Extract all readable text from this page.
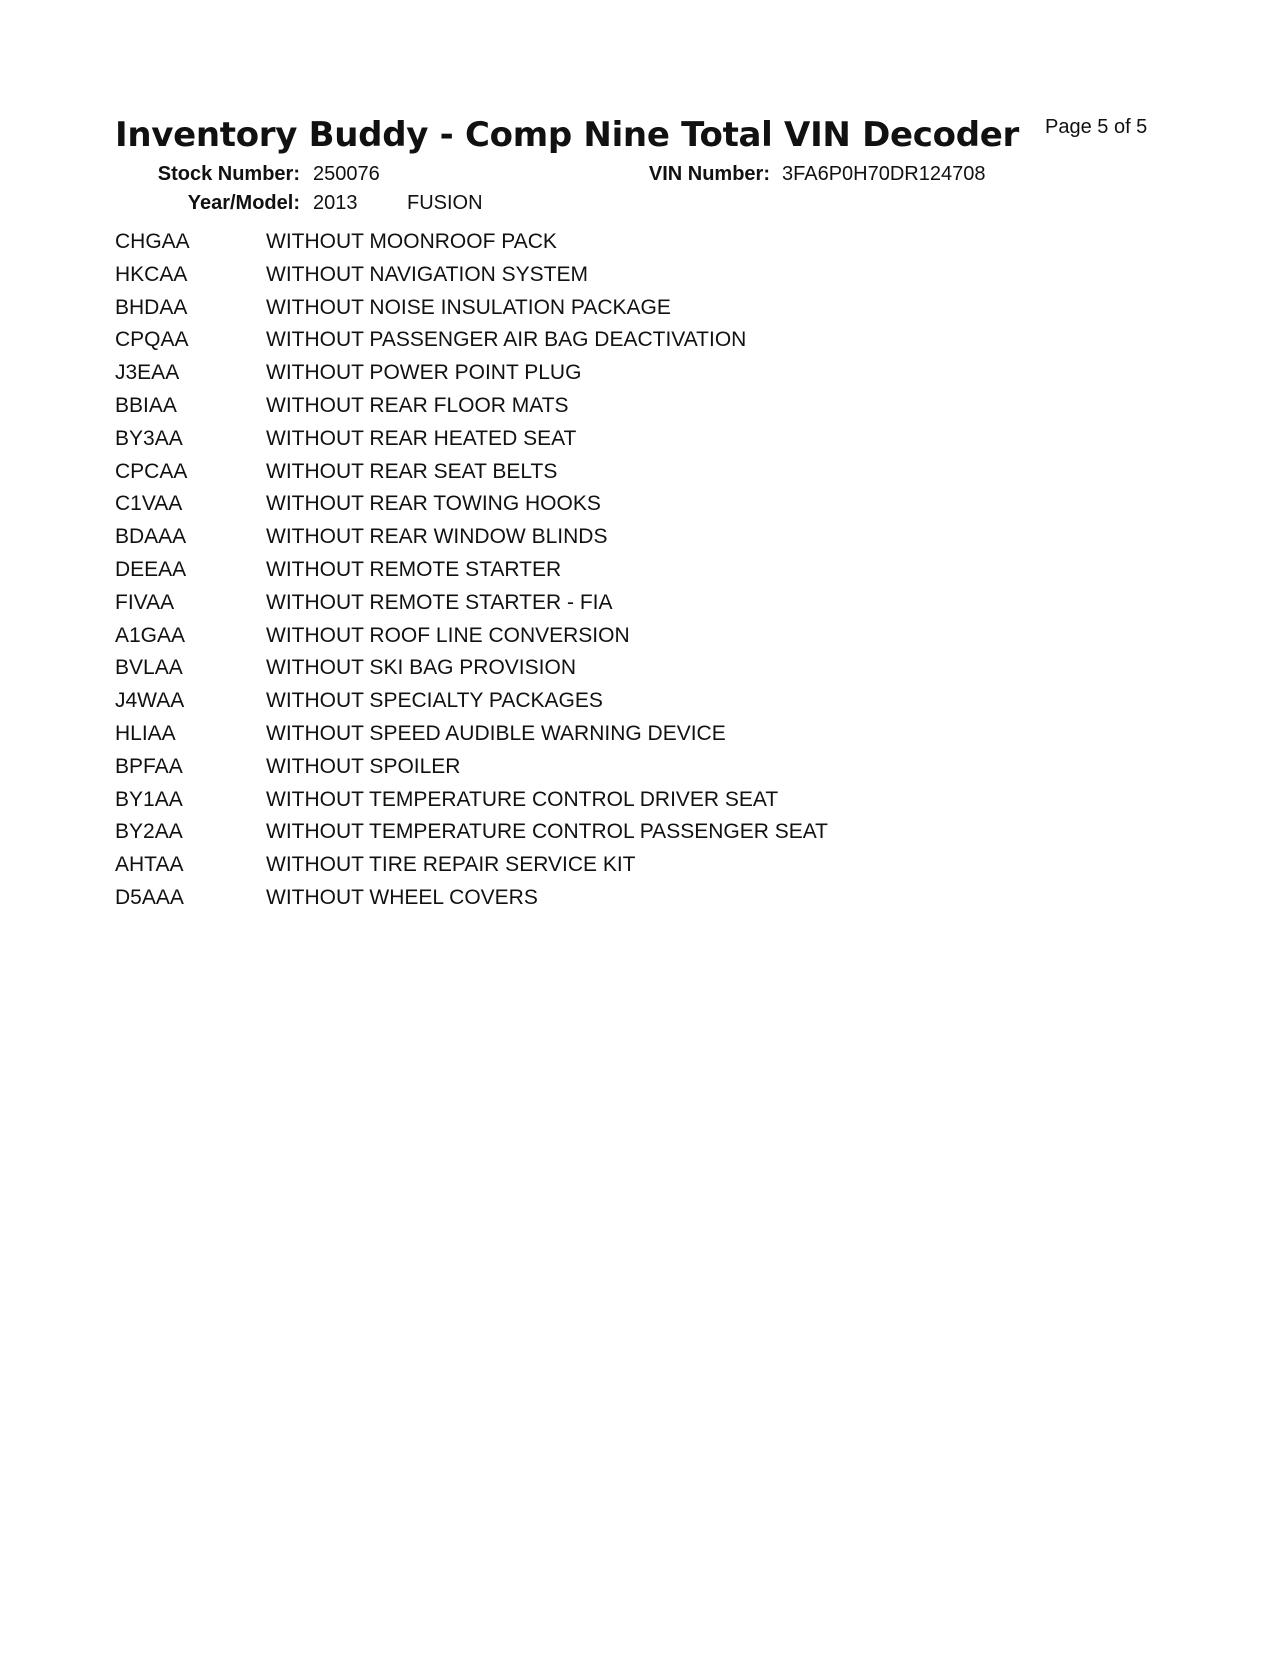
Inventory Buddy - Comp Nine Total VIN Decoder Page 5 of 5
Stock Number: 250076	VIN Number: 3FA6P0H70DR124708
Year/Model: 2013 FUSION
CHGAA	WITHOUT MOONROOF PACK
HKCAA	WITHOUT NAVIGATION SYSTEM
BHDAA	WITHOUT NOISE INSULATION PACKAGE
CPQAA	WITHOUT PASSENGER AIR BAG DEACTIVATION
J3EAA	WITHOUT POWER POINT PLUG
BBIAA	WITHOUT REAR FLOOR MATS
BY3AA	WITHOUT REAR HEATED SEAT
CPCAA	WITHOUT REAR SEAT BELTS
C1VAA	WITHOUT REAR TOWING HOOKS
BDAAA	WITHOUT REAR WINDOW BLINDS
DEEAA	WITHOUT REMOTE STARTER
FIVAA	WITHOUT REMOTE STARTER - FIA
A1GAA	WITHOUT ROOF LINE CONVERSION
BVLAA	WITHOUT SKI BAG PROVISION
J4WAA	WITHOUT SPECIALTY PACKAGES
HLIAA	WITHOUT SPEED AUDIBLE WARNING DEVICE
BPFAA	WITHOUT SPOILER
BY1AA	WITHOUT TEMPERATURE CONTROL DRIVER SEAT
BY2AA	WITHOUT TEMPERATURE CONTROL PASSENGER SEAT
AHTAA	WITHOUT TIRE REPAIR SERVICE KIT
D5AAA	WITHOUT WHEEL COVERS
